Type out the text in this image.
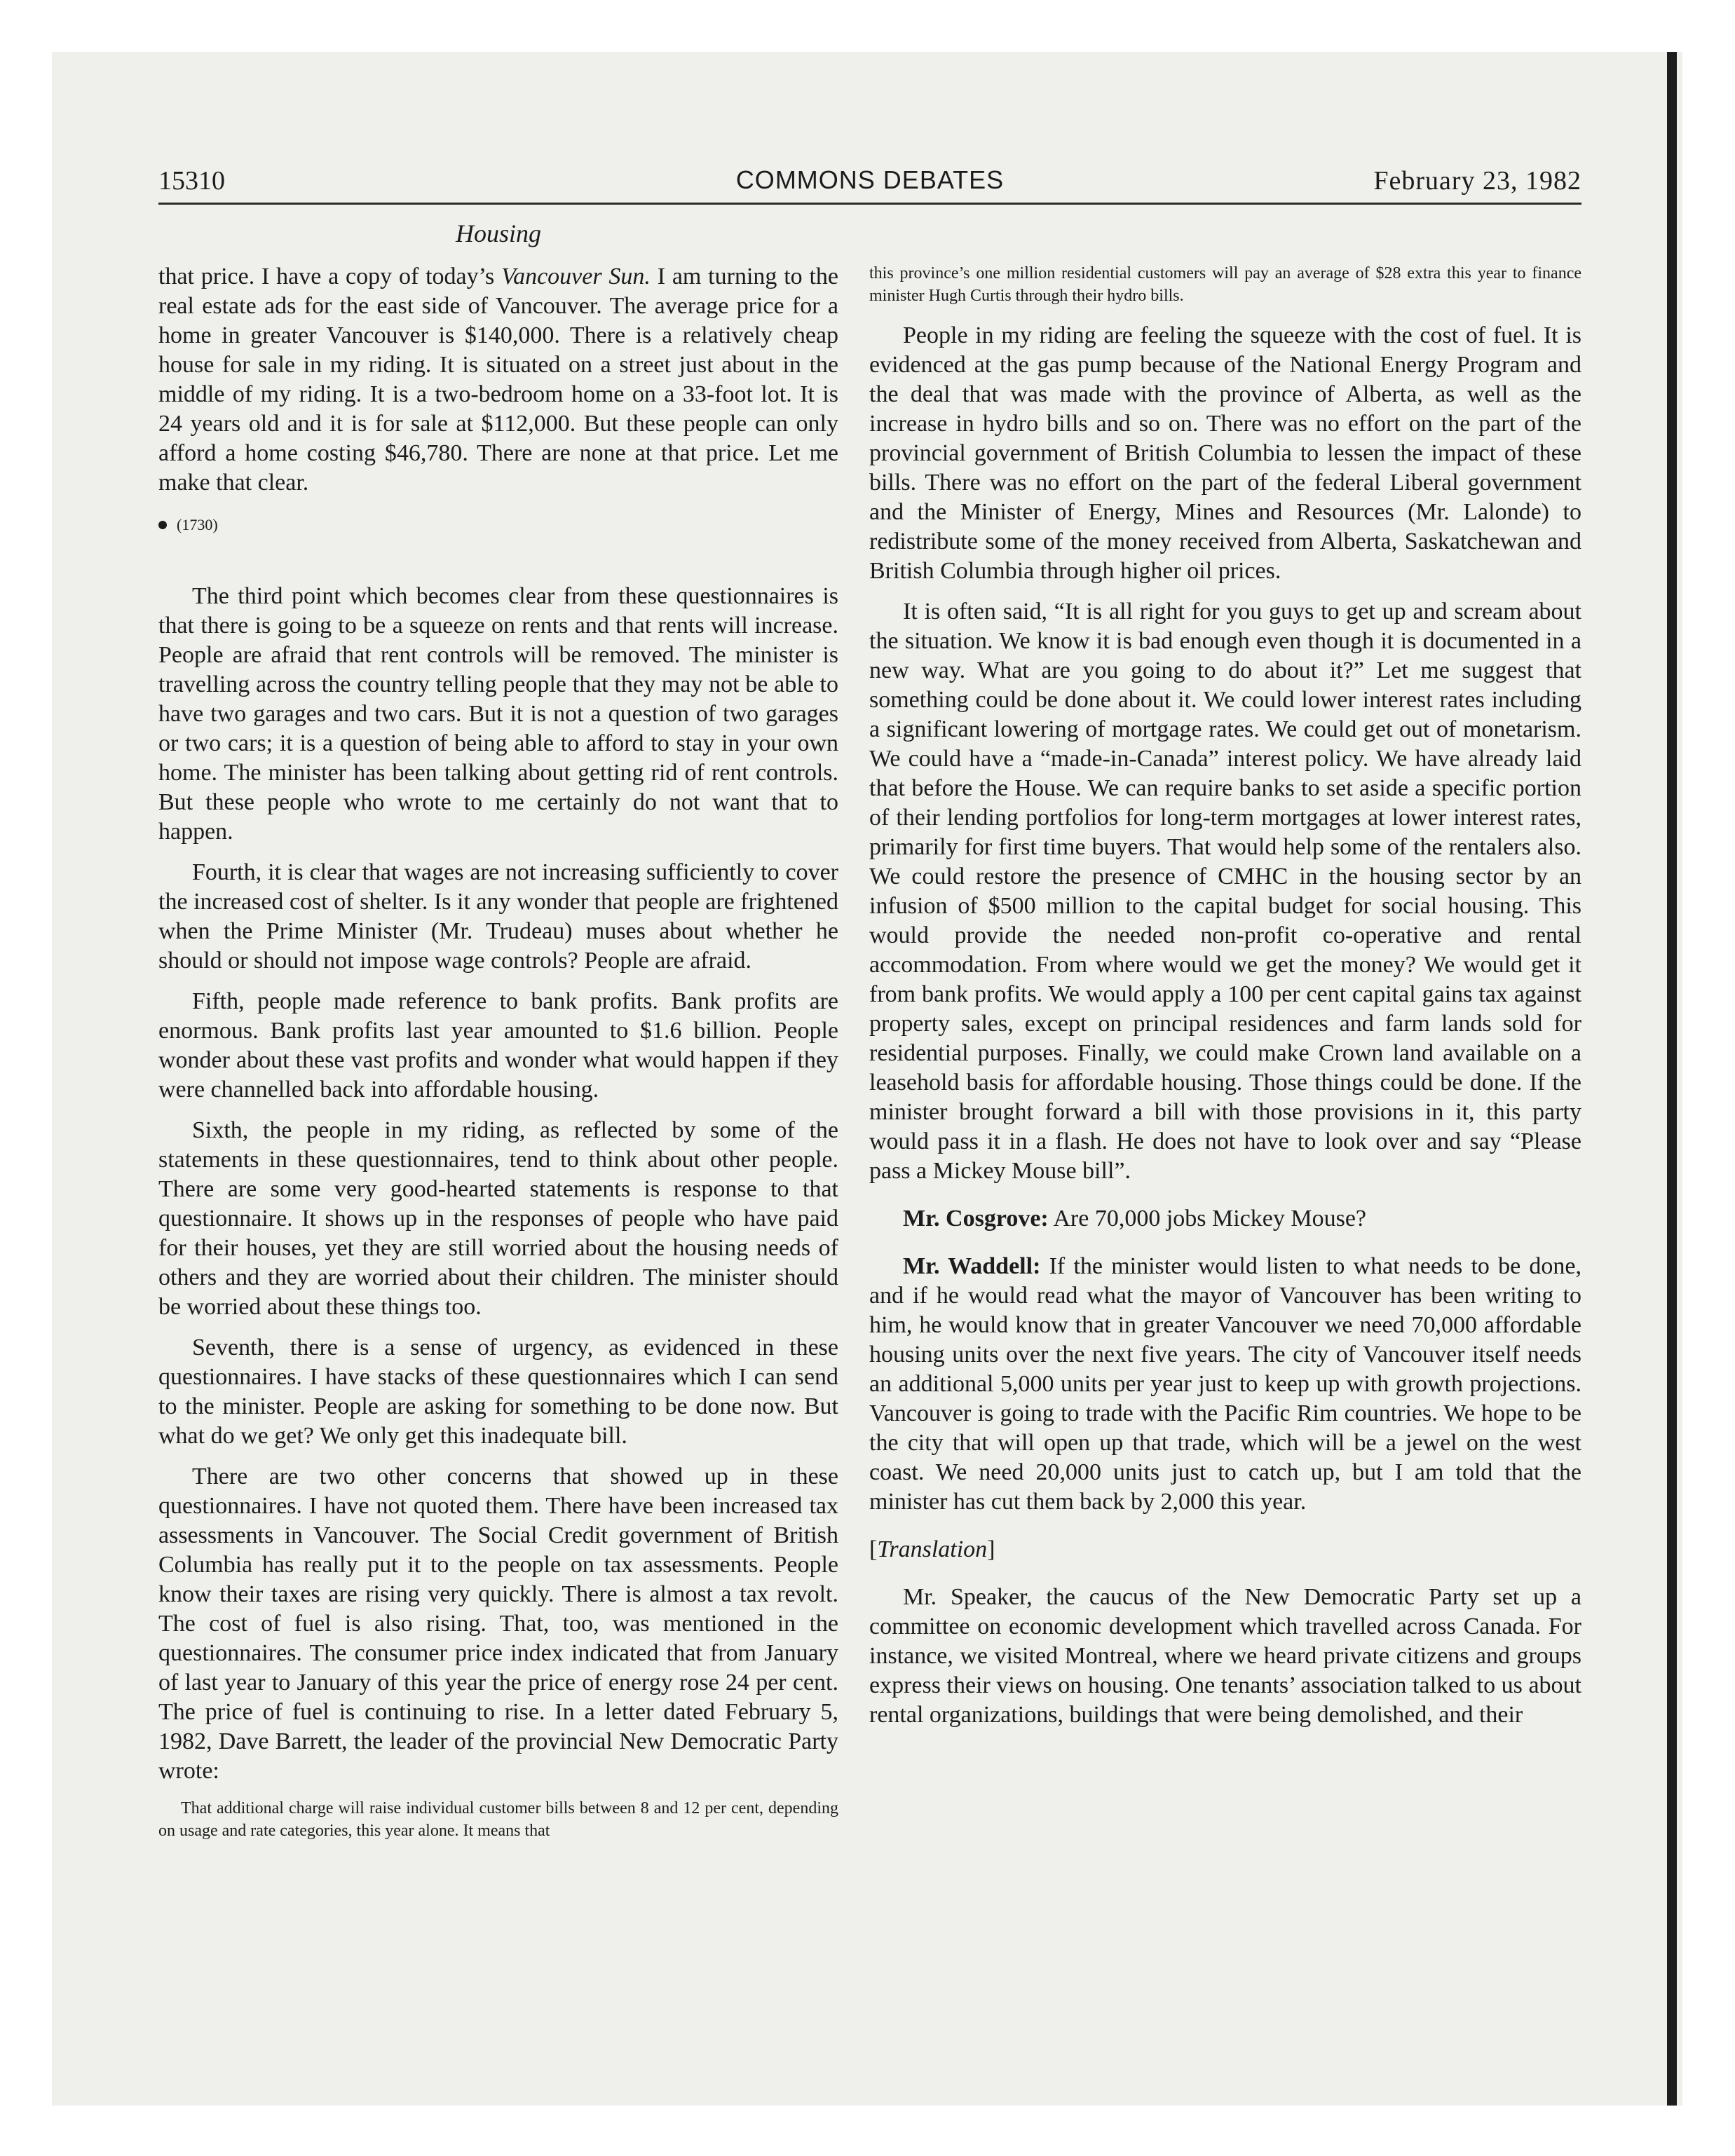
15310	COMMONS DEBATES	February 23, 1982
Housing

that price. I have a copy of today’s Vancouver Sun. I am turning to the real estate ads for the east side of Vancouver. The average price for a home in greater Vancouver is $140,000. There is a relatively cheap house for sale in my riding. It is situated on a street just about in the middle of my riding. It is a two-bedroom home on a 33-foot lot. It is 24 years old and it is for sale at $112,000. But these people can only afford a home costing $46,780. There are none at that price. Let me make that clear.

(1730)

The third point which becomes clear from these questionnaires is that there is going to be a squeeze on rents and that rents will increase. People are afraid that rent controls will be removed. The minister is travelling across the country telling people that they may not be able to have two garages and two cars. But it is not a question of two garages or two cars; it is a question of being able to afford to stay in your own home. The minister has been talking about getting rid of rent controls. But these people who wrote to me certainly do not want that to happen.

Fourth, it is clear that wages are not increasing sufficiently to cover the increased cost of shelter. Is it any wonder that people are frightened when the Prime Minister (Mr. Trudeau) muses about whether he should or should not impose wage controls? People are afraid.

Fifth, people made reference to bank profits. Bank profits are enormous. Bank profits last year amounted to $1.6 billion. People wonder about these vast profits and wonder what would happen if they were channelled back into affordable housing.

Sixth, the people in my riding, as reflected by some of the statements in these questionnaires, tend to think about other people. There are some very good-hearted statements is response to that questionnaire. It shows up in the responses of people who have paid for their houses, yet they are still worried about the housing needs of others and they are worried about their children. The minister should be worried about these things too.

Seventh, there is a sense of urgency, as evidenced in these questionnaires. I have stacks of these questionnaires which I can send to the minister. People are asking for something to be done now. But what do we get? We only get this inadequate bill.

There are two other concerns that showed up in these questionnaires. I have not quoted them. There have been increased tax assessments in Vancouver. The Social Credit government of British Columbia has really put it to the people on tax assessments. People know their taxes are rising very quickly. There is almost a tax revolt. The cost of fuel is also rising. That, too, was mentioned in the questionnaires. The consumer price index indicated that from January of last year to January of this year the price of energy rose 24 per cent. The price of fuel is continuing to rise. In a letter dated February 5, 1982, Dave Barrett, the leader of the provincial New Democratic Party wrote:

That additional charge will raise individual customer bills between 8 and 12 per cent, depending on usage and rate categories, this year alone. It means that

this province’s one million residential customers will pay an average of $28 extra this year to finance minister Hugh Curtis through their hydro bills.

People in my riding are feeling the squeeze with the cost of fuel. It is evidenced at the gas pump because of the National Energy Program and the deal that was made with the province of Alberta, as well as the increase in hydro bills and so on. There was no effort on the part of the provincial government of British Columbia to lessen the impact of these bills. There was no effort on the part of the federal Liberal government and the Minister of Energy, Mines and Resources (Mr. Lalonde) to redistribute some of the money received from Alberta, Saskatchewan and British Columbia through higher oil prices.

It is often said, “It is all right for you guys to get up and scream about the situation. We know it is bad enough even though it is documented in a new way. What are you going to do about it?” Let me suggest that something could be done about it. We could lower interest rates including a significant lowering of mortgage rates. We could get out of monetarism. We could have a “made-in-Canada” interest policy. We have already laid that before the House. We can require banks to set aside a specific portion of their lending portfolios for long-term mortgages at lower interest rates, primarily for first time buyers. That would help some of the rentalers also. We could restore the presence of CMHC in the housing sector by an infusion of $500 million to the capital budget for social housing. This would provide the needed non-profit co-operative and rental accommodation. From where would we get the money? We would get it from bank profits. We would apply a 100 per cent capital gains tax against property sales, except on principal residences and farm lands sold for residential purposes. Finally, we could make Crown land available on a leasehold basis for affordable housing. Those things could be done. If the minister brought forward a bill with those provisions in it, this party would pass it in a flash. He does not have to look over and say “Please pass a Mickey Mouse bill”.

Mr. Cosgrove: Are 70,000 jobs Mickey Mouse?

Mr. Waddell: If the minister would listen to what needs to be done, and if he would read what the mayor of Vancouver has been writing to him, he would know that in greater Vancouver we need 70,000 affordable housing units over the next five years. The city of Vancouver itself needs an additional 5,000 units per year just to keep up with growth projections. Vancouver is going to trade with the Pacific Rim countries. We hope to be the city that will open up that trade, which will be a jewel on the west coast. We need 20,000 units just to catch up, but I am told that the minister has cut them back by 2,000 this year.

[Translation]

Mr. Speaker, the caucus of the New Democratic Party set up a committee on economic development which travelled across Canada. For instance, we visited Montreal, where we heard private citizens and groups express their views on housing. One tenants’ association talked to us about rental organizations, buildings that were being demolished, and their
